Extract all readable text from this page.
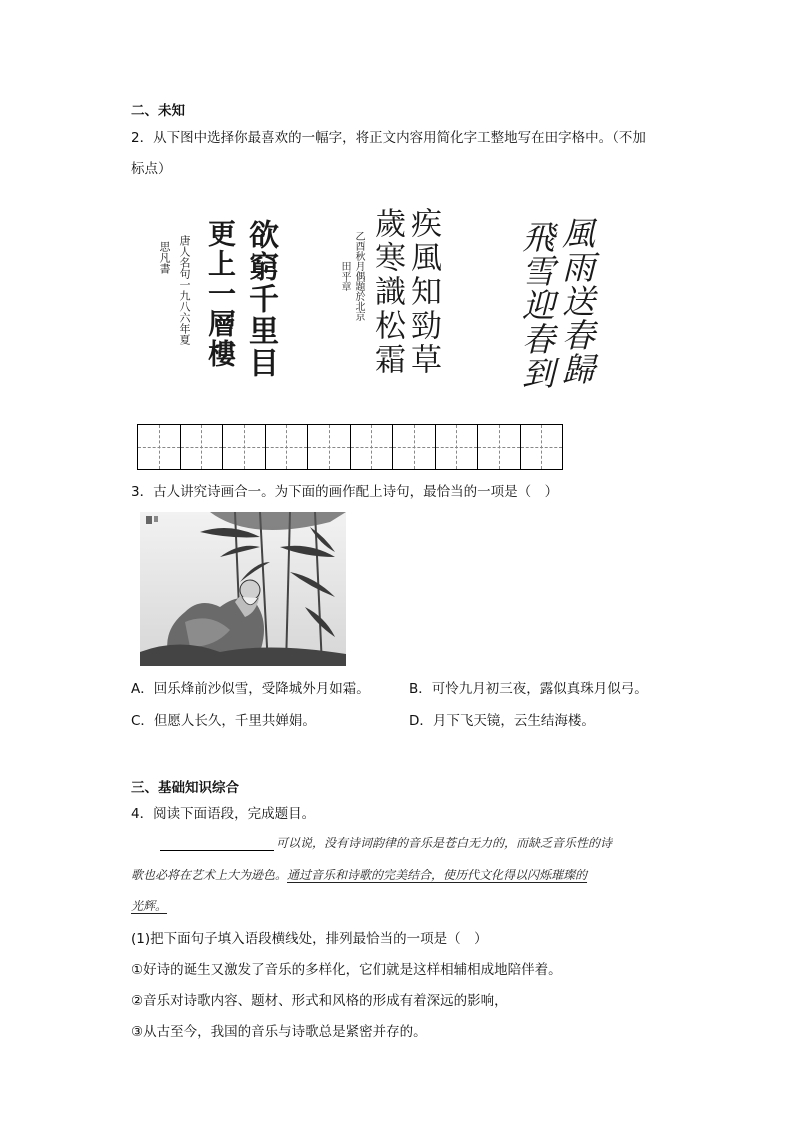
二、未知
2．从下图中选择你最喜欢的一幅字，将正文内容用简化字工整地写在田字格中。（不加
标点）
欲窮千里目
更上一層樓
唐人名句一九八六年夏
思凡書	疾風知勁草
歲寒識松霜
乙酉秋月偶題於北京
田平章	風雨送春歸
飛雪迎春到
3．古人讲究诗画合一。为下面的画作配上诗句，最恰当的一项是（　）
A．回乐烽前沙似雪，受降城外月如霜。	B．可怜九月初三夜，露似真珠月似弓。
C．但愿人长久，千里共婵娟。	D．月下飞天镜，云生结海楼。
三、基础知识综合
4．阅读下面语段，完成题目。
可以说，没有诗词韵律的音乐是苍白无力的，而缺乏音乐性的诗
歌也必将在艺术上大为逊色。通过音乐和诗歌的完美结合，使历代文化得以闪烁璀璨的
光辉。
(1)把下面句子填入语段横线处，排列最恰当的一项是（　）
①好诗的诞生又激发了音乐的多样化，它们就是这样相辅相成地陪伴着。
②音乐对诗歌内容、题材、形式和风格的形成有着深远的影响，
③从古至今，我国的音乐与诗歌总是紧密并存的。
